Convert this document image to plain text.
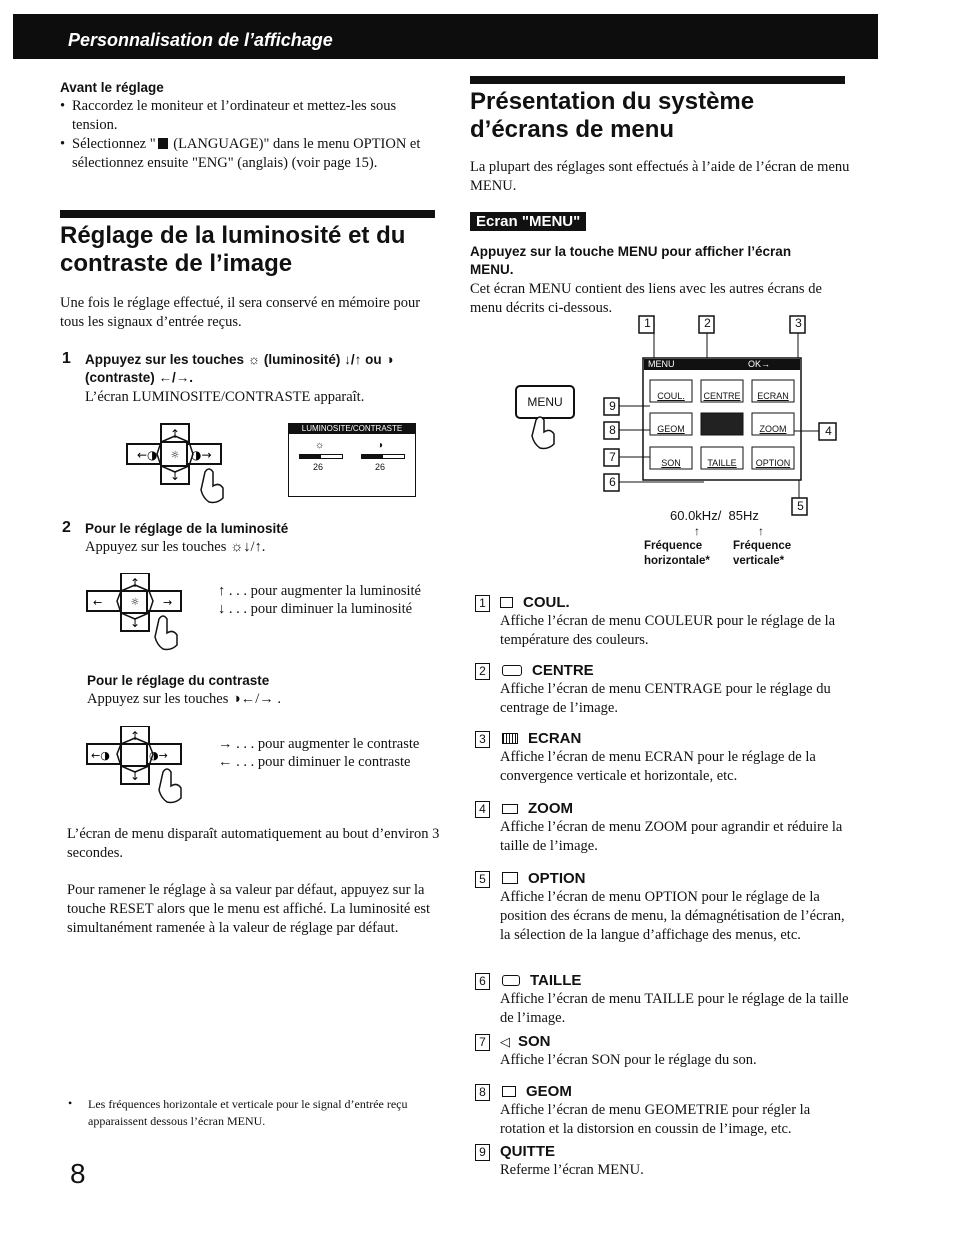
Personnalisation de l’affichage
Avant le réglage
• Raccordez le moniteur et l’ordinateur et mettez-les sous tension.
• Sélectionnez " (LANGUAGE)" dans le menu OPTION et sélectionnez ensuite "ENG" (anglais) (voir page 15).
Réglage de la luminosité et du contraste de l’image
Une fois le réglage effectué, il sera conservé en mémoire pour tous les signaux d’entrée reçus.
1 Appuyez sur les touches ☼ (luminosité) ↓/↑ ou ◑ (contraste) ←/→.
L’écran LUMINOSITE/CONTRASTE apparaît.
↑
↓
←◑	◑→
☼
LUMINOSITE/CONTRASTE
☼	◑
26	26
2 Pour le réglage de la luminosité
Appuyez sur les touches ☼↓/↑.
↑
↓
←	→
☼
↑ . . . pour augmenter la luminosité
↓ . . . pour diminuer la luminosité
Pour le réglage du contraste
Appuyez sur les touches ◑←/→ .
↑
↓
←◑	◑→
→ . . . pour augmenter le contraste
← . . . pour diminuer le contraste
L’écran de menu disparaît automatiquement au bout d’environ 3 secondes.
Pour ramener le réglage à sa valeur par défaut, appuyez sur la touche RESET alors que le menu est affiché. La luminosité est simultanément ramenée à la valeur de réglage par défaut.
• Les fréquences horizontale et verticale pour le signal d’entrée reçu apparaissent dessous l’écran MENU.
8
Présentation du système d’écrans de menu
La plupart des réglages sont effectués à l’aide de l’écran de menu MENU.
Ecran "MENU"
Appuyez sur la touche MENU pour afficher l’écran MENU.
Cet écran MENU contient des liens avec les autres écrans de menu décrits ci-dessous.
MENU
MENU	OK→
COUL.	CENTRE	ECRAN
GEOM	ZOOM
SON	TAILLE	OPTION
1	2	3
4
5
6
7
8
9
60.0kHz/  85Hz
↑	↑
Fréquence horizontale*
Fréquence verticale*
1 COUL.
Affiche l’écran de menu COULEUR pour le réglage de la température des couleurs.
2	CENTRE
Affiche l’écran de menu CENTRAGE pour le réglage du centrage de l’image.
3	ECRAN
Affiche l’écran de menu ECRAN pour le réglage de la convergence verticale et horizontale, etc.
4	ZOOM
Affiche l’écran de menu ZOOM pour agrandir et réduire la taille de l’image.
5	OPTION
Affiche l’écran de menu OPTION pour le réglage de la position des écrans de menu, la démagnétisation de l’écran, la sélection de la langue d’affichage des menus, etc.
6	TAILLE
Affiche l’écran de menu TAILLE pour le réglage de la taille de l’image.
7 ◁ SON
Affiche l’écran SON pour le réglage du son.
8	GEOM
Affiche l’écran de menu GEOMETRIE pour régler la rotation et la distorsion en coussin de l’image, etc.
9 QUITTE
Referme l’écran MENU.
